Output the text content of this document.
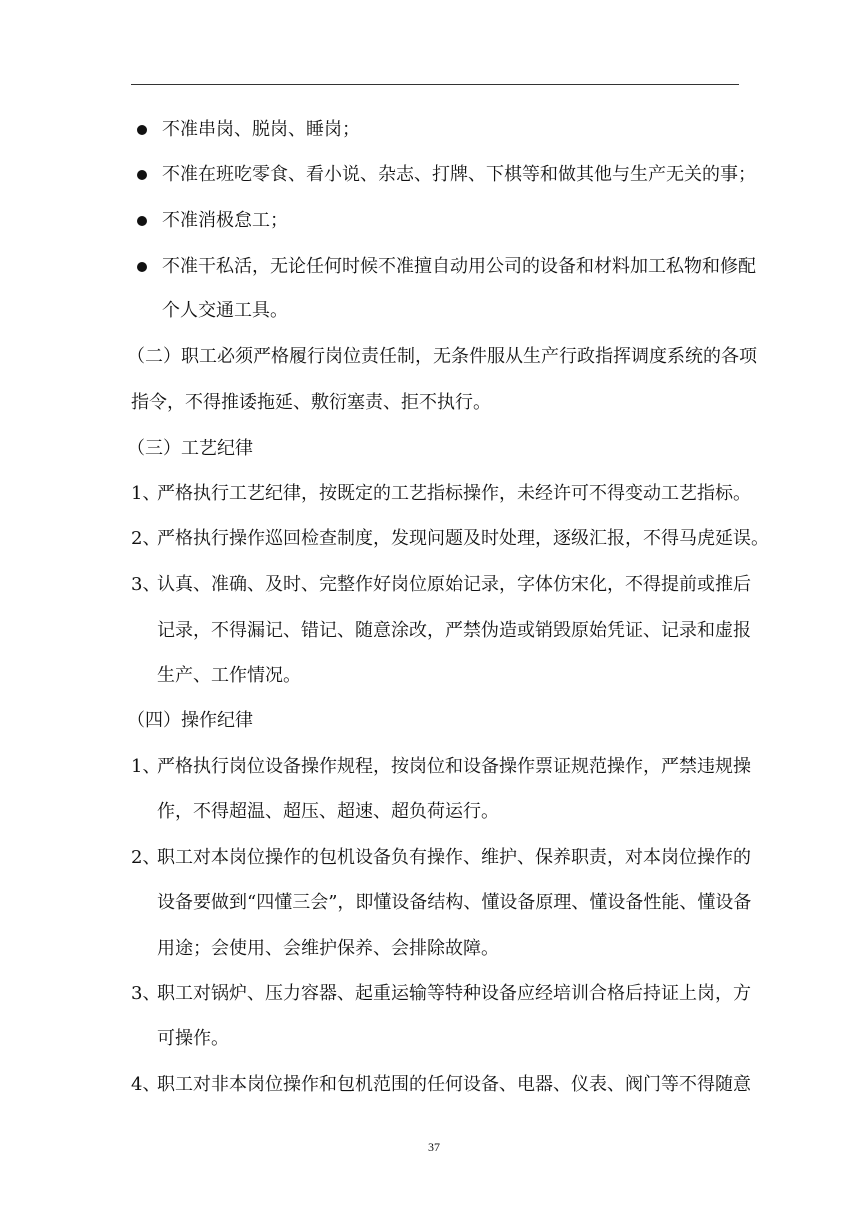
不准串岗、脱岗、睡岗；
不准在班吃零食、看小说、杂志、打牌、下棋等和做其他与生产无关的事；
不准消极怠工；
不准干私活，无论任何时候不准擅自动用公司的设备和材料加工私物和修配
个人交通工具。
（二）职工必须严格履行岗位责任制，无条件服从生产行政指挥调度系统的各项
指令，不得推诿拖延、敷衍塞责、拒不执行。
（三）工艺纪律
1、
严格执行工艺纪律，按既定的工艺指标操作，未经许可不得变动工艺指标。
2、
严格执行操作巡回检查制度，发现问题及时处理，逐级汇报，不得马虎延误。
3、
认真、准确、及时、完整作好岗位原始记录，字体仿宋化，不得提前或推后
记录，不得漏记、错记、随意涂改，严禁伪造或销毁原始凭证、记录和虚报
生产、工作情况。
（四）操作纪律
1、
严格执行岗位设备操作规程，按岗位和设备操作票证规范操作，严禁违规操
作，不得超温、超压、超速、超负荷运行。
2、
职工对本岗位操作的包机设备负有操作、维护、保养职责，对本岗位操作的
设备要做到“四懂三会”，即懂设备结构、懂设备原理、懂设备性能、懂设备
用途；会使用、会维护保养、会排除故障。
3、
职工对锅炉、压力容器、起重运输等特种设备应经培训合格后持证上岗，方
可操作。
4、
职工对非本岗位操作和包机范围的任何设备、电器、仪表、阀门等不得随意
37
